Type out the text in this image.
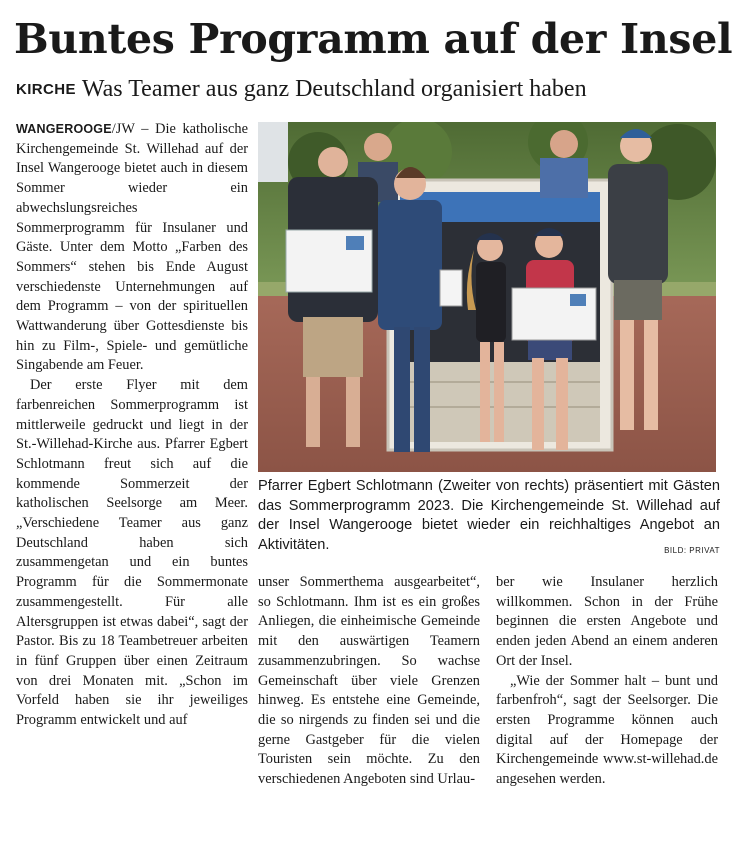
Buntes Programm auf der Insel
KIRCHE Was Teamer aus ganz Deutschland organisiert haben

WANGEROOGE/JW – Die katholische Kirchengemeinde St. Willehad auf der Insel Wangerooge bietet auch in diesem Sommer wieder ein abwechslungsreiches Sommerprogramm für Insulaner und Gäste. Unter dem Motto „Farben des Sommers“ stehen bis Ende August verschiedenste Unternehmungen auf dem Programm – von der spirituellen Wattwanderung über Gottesdienste bis hin zu Film-, Spiele- und gemütliche Singabende am Feuer.

Der erste Flyer mit dem farbenreichen Sommerprogramm ist mittlerweile gedruckt und liegt in der St.-Willehad-Kirche aus. Pfarrer Egbert Schlotmann freut sich auf die kommende Sommerzeit der katholischen Seelsorge am Meer. „Verschiedene Teamer aus ganz Deutschland haben sich zusammengetan und ein buntes Programm für die Sommermonate zusammengestellt. Für alle Altersgruppen ist etwas dabei“, sagt der Pastor. Bis zu 18 Teambetreuer arbeiten in fünf Gruppen über einen Zeitraum von drei Monaten mit. „Schon im Vorfeld haben sie ihr jeweiliges Programm entwickelt und auf

Pfarrer Egbert Schlotmann (Zweiter von rechts) präsentiert mit Gästen das Sommerprogramm 2023. Die Kirchengemeinde St. Willehad auf der Insel Wangerooge bietet wieder ein reichhaltiges Angebot an Aktivitäten.	BILD: PRIVAT

unser Sommerthema ausgearbeitet“, so Schlotmann. Ihm ist es ein großes Anliegen, die einheimische Gemeinde mit den auswärtigen Teamern zusammenzubringen. So wachse Gemeinschaft über viele Grenzen hinweg. Es entstehe eine Gemeinde, die so nirgends zu finden sei und die gerne Gastgeber für die vielen Touristen sein möchte. Zu den verschiedenen Angeboten sind Urlau-

ber wie Insulaner herzlich willkommen. Schon in der Frühe beginnen die ersten Angebote und enden jeden Abend an einem anderen Ort der Insel.

„Wie der Sommer halt – bunt und farbenfroh“, sagt der Seelsorger. Die ersten Programme können auch digital auf der Homepage der Kirchengemeinde www.st-willehad.de angesehen werden.
